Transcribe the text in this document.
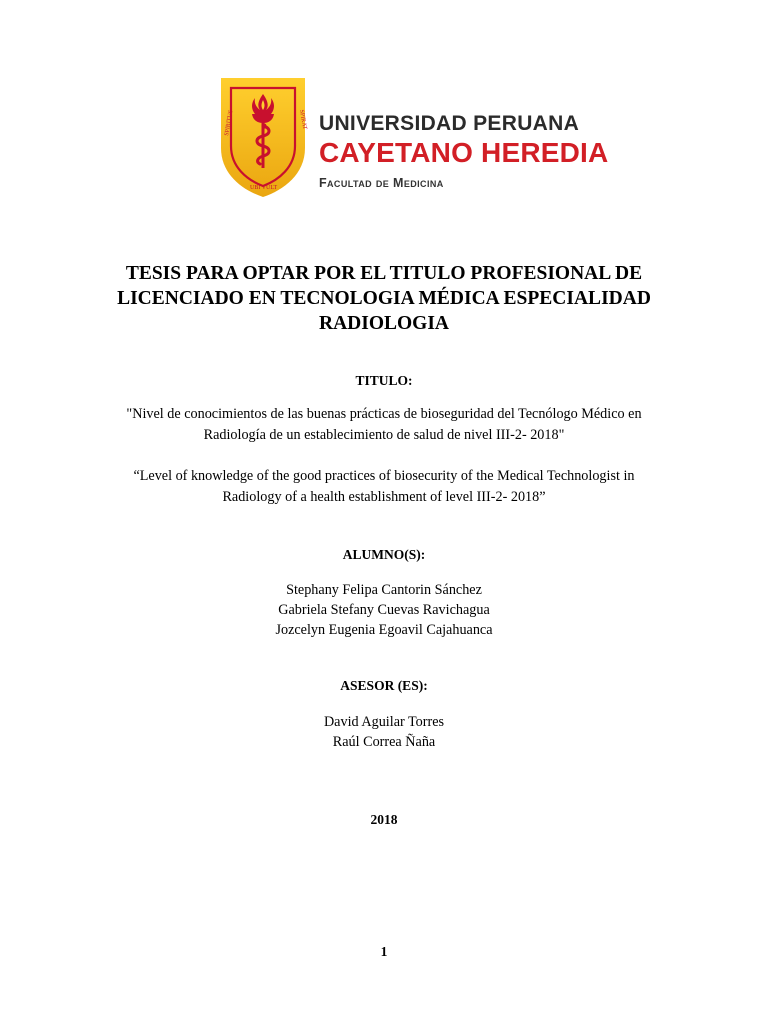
SPIRITUS	SPIRAT
UBI VULT
UNIVERSIDAD PERUANA
CAYETANO HEREDIA
Facultad de Medicina
TESIS PARA OPTAR POR EL TITULO PROFESIONAL DE
LICENCIADO EN TECNOLOGIA MÉDICA ESPECIALIDAD
RADIOLOGIA
TITULO:
"Nivel de conocimientos de las buenas prácticas de bioseguridad del Tecnólogo Médico en
Radiología de un establecimiento de salud de nivel III-2- 2018"
“Level of knowledge of the good practices of biosecurity of the Medical Technologist in
Radiology of a health establishment of level III-2- 2018”
ALUMNO(S):
Stephany Felipa Cantorin Sánchez
Gabriela Stefany Cuevas Ravichagua
Jozcelyn Eugenia Egoavil Cajahuanca
ASESOR (ES):
David Aguilar Torres
Raúl Correa Ñaña
2018
1
